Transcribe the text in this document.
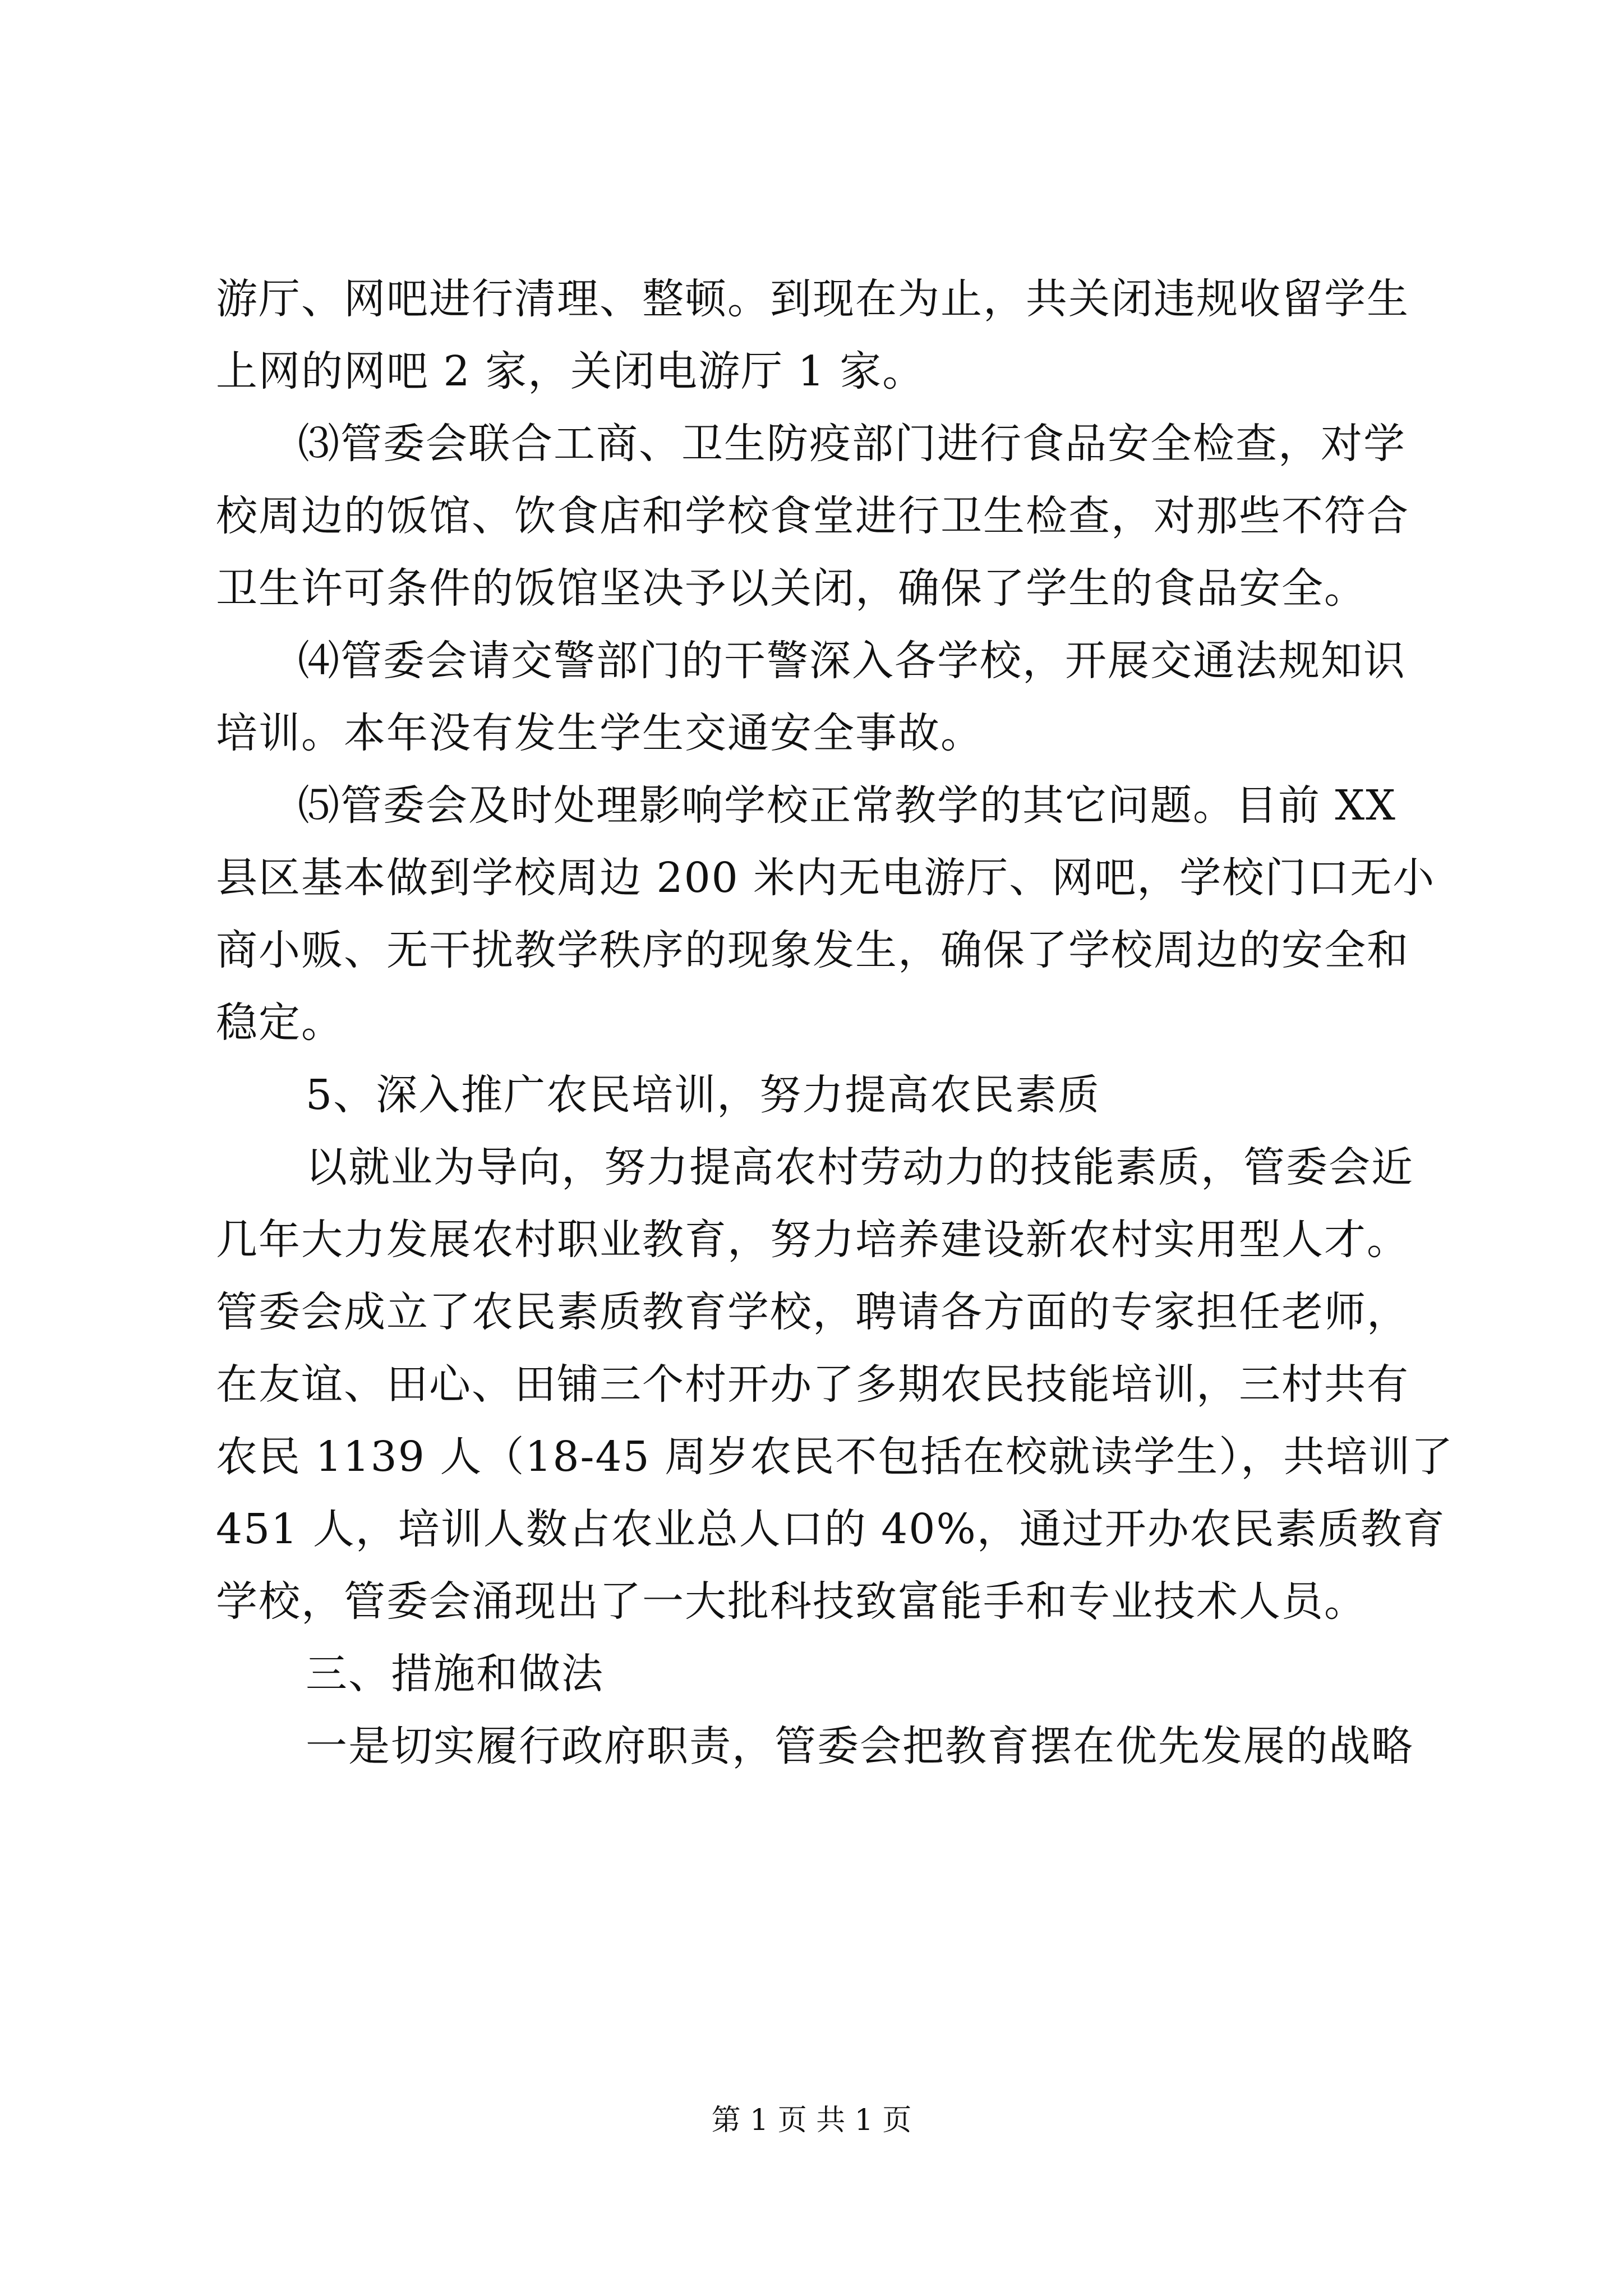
游厅、网吧进行清理、整顿。到现在为止，共关闭违规收留学生
上网的网吧 2 家，关闭电游厅 1 家。
⑶管委会联合工商、卫生防疫部门进行食品安全检查，对学
校周边的饭馆、饮食店和学校食堂进行卫生检查，对那些不符合
卫生许可条件的饭馆坚决予以关闭，确保了学生的食品安全。
⑷管委会请交警部门的干警深入各学校，开展交通法规知识
培训。本年没有发生学生交通安全事故。
⑸管委会及时处理影响学校正常教学的其它问题。目前 XX
县区基本做到学校周边 200 米内无电游厅、网吧，学校门口无小
商小贩、无干扰教学秩序的现象发生，确保了学校周边的安全和
稳定。
5、深入推广农民培训，努力提高农民素质
以就业为导向，努力提高农村劳动力的技能素质，管委会近
几年大力发展农村职业教育，努力培养建设新农村实用型人才。
管委会成立了农民素质教育学校，聘请各方面的专家担任老师，
在友谊、田心、田铺三个村开办了多期农民技能培训，三村共有
农民 1139 人（18-45 周岁农民不包括在校就读学生），共培训了
451 人，培训人数占农业总人口的 40%，通过开办农民素质教育
学校，管委会涌现出了一大批科技致富能手和专业技术人员。
三、措施和做法
一是切实履行政府职责，管委会把教育摆在优先发展的战略
第 1 页 共 1 页
